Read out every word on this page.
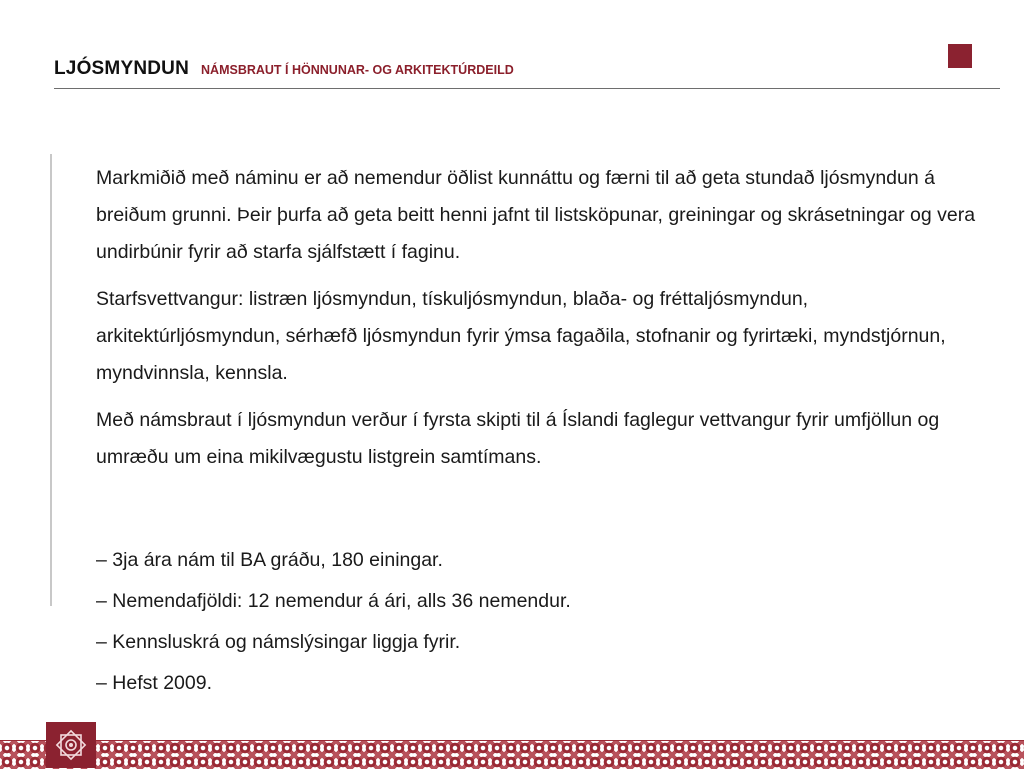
LJÓSMYNDUN NÁMSBRAUT Í HÖNNUNAR- OG ARKITEKTÚRDEILD

Markmiðið með náminu er að nemendur öðlist kunnáttu og færni til að geta stundað ljósmyndun á breiðum grunni. Þeir þurfa að geta beitt henni jafnt til listsköpunar, greiningar og skrásetningar og vera undirbúnir fyrir að starfa sjálfstætt í faginu.

Starfsvettvangur: listræn ljósmyndun, tískuljósmyndun, blaða- og fréttaljósmyndun, arkitektúrljósmyndun, sérhæfð ljósmyndun fyrir ýmsa fagaðila, stofnanir og fyrirtæki, myndstjórnun, myndvinnsla, kennsla.

Með námsbraut í ljósmyndun verður í fyrsta skipti til á Íslandi faglegur vettvangur fyrir umfjöllun og umræðu um eina mikilvægustu listgrein samtímans.

– 3ja ára nám til BA gráðu, 180 einingar.
– Nemendafjöldi: 12 nemendur á ári, alls 36 nemendur.
– Kennsluskrá og námslýsingar liggja fyrir.
– Hefst 2009.
